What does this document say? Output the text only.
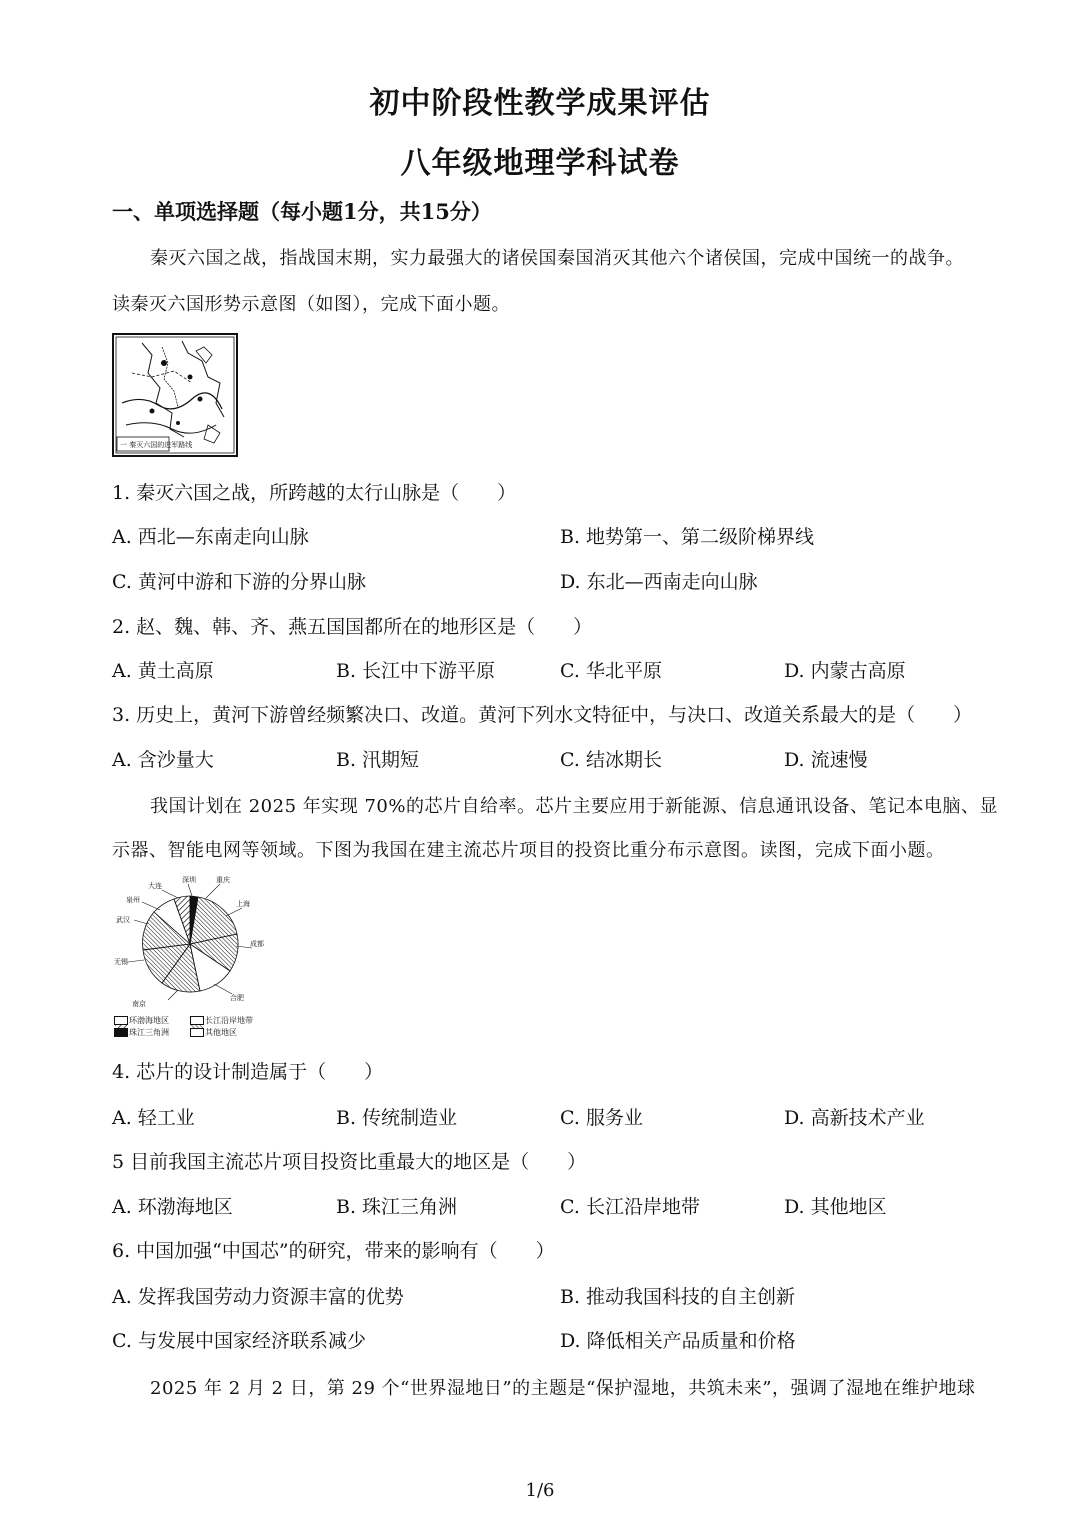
初中阶段性教学成果评估
八年级地理学科试卷
一、单项选择题（每小题1分，共15分）
秦灭六国之战，指战国末期，实力最强大的诸侯国秦国消灭其他六个诸侯国，完成中国统一的战争。
读秦灭六国形势示意图（如图），完成下面小题。
一 秦灭六国的进军路线
1. 秦灭六国之战，所跨越的太行山脉是（　　）
A. 西北—东南走向山脉	B. 地势第一、第二级阶梯界线
C. 黄河中游和下游的分界山脉	D. 东北—西南走向山脉
2. 赵、魏、韩、齐、燕五国国都所在的地形区是（　　）
A. 黄土高原	B. 长江中下游平原	C. 华北平原	D. 内蒙古高原
3. 历史上，黄河下游曾经频繁决口、改道。黄河下列水文特征中，与决口、改道关系最大的是（　　）
A. 含沙量大	B. 汛期短	C. 结冰期长	D. 流速慢
我国计划在 2025 年实现 70%的芯片自给率。芯片主要应用于新能源、信息通讯设备、笔记本电脑、显
示器、智能电网等领域。下图为我国在建主流芯片项目的投资比重分布示意图。读图，完成下面小题。
大连
深圳	重庆
上海
成都
合肥
南京
无锡
武汉
泉州
环渤海地区	长江沿岸地带
珠江三角洲	其他地区
4. 芯片的设计制造属于（　　）
A. 轻工业	B. 传统制造业	C. 服务业	D. 高新技术产业
5 目前我国主流芯片项目投资比重最大的地区是（　　）
A. 环渤海地区	B. 珠江三角洲	C. 长江沿岸地带	D. 其他地区
6. 中国加强“中国芯”的研究，带来的影响有（　　）
A. 发挥我国劳动力资源丰富的优势	B. 推动我国科技的自主创新
C. 与发展中国家经济联系减少	D. 降低相关产品质量和价格
2025 年 2 月 2 日，第 29 个“世界湿地日”的主题是“保护湿地，共筑未来”，强调了湿地在维护地球
1/6
